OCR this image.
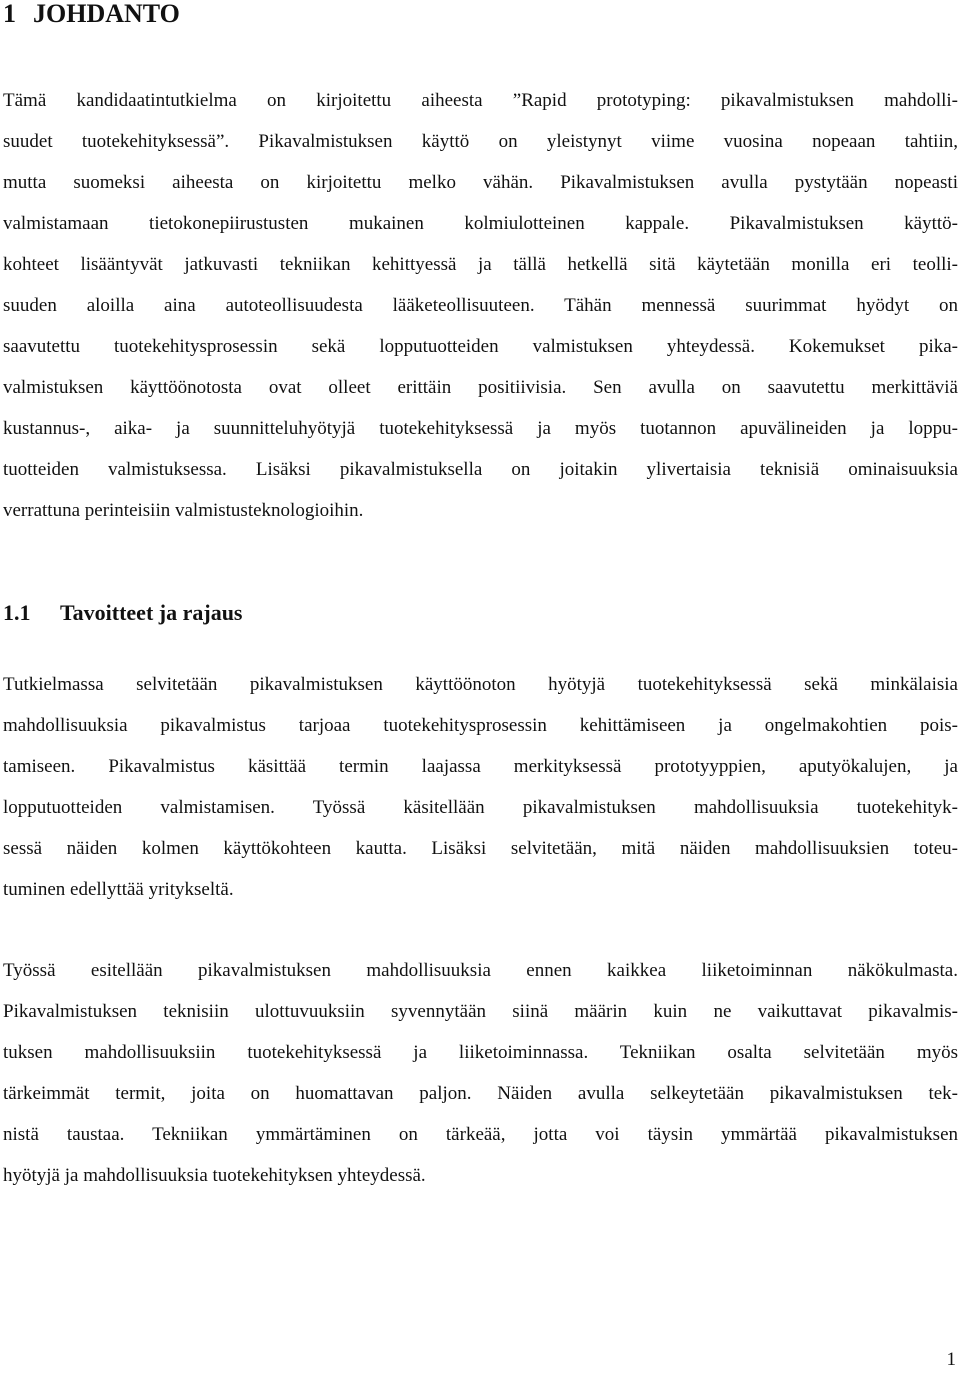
1 JOHDANTO
Tämä kandidaatintutkielma on kirjoitettu aiheesta ”Rapid prototyping: pikavalmistuksen mahdolli-
suudet tuotekehityksessä”. Pikavalmistuksen käyttö on yleistynyt viime vuosina nopeaan tahtiin,
mutta suomeksi aiheesta on kirjoitettu melko vähän. Pikavalmistuksen avulla pystytään nopeasti
valmistamaan tietokonepiirustusten mukainen kolmiulotteinen kappale. Pikavalmistuksen käyttö-
kohteet lisääntyvät jatkuvasti tekniikan kehittyessä ja tällä hetkellä sitä käytetään monilla eri teolli-
suuden aloilla aina autoteollisuudesta lääketeollisuuteen. Tähän mennessä suurimmat hyödyt on
saavutettu tuotekehitysprosessin sekä lopputuotteiden valmistuksen yhteydessä. Kokemukset pika-
valmistuksen käyttöönotosta ovat olleet erittäin positiivisia. Sen avulla on saavutettu merkittäviä
kustannus-, aika- ja suunnitteluhyötyjä tuotekehityksessä ja myös tuotannon apuvälineiden ja loppu-
tuotteiden valmistuksessa. Lisäksi pikavalmistuksella on joitakin ylivertaisia teknisiä ominaisuuksia
verrattuna perinteisiin valmistusteknologioihin.
1.1 Tavoitteet ja rajaus
Tutkielmassa selvitetään pikavalmistuksen käyttöönoton hyötyjä tuotekehityksessä sekä minkälaisia
mahdollisuuksia pikavalmistus tarjoaa tuotekehitysprosessin kehittämiseen ja ongelmakohtien pois-
tamiseen. Pikavalmistus käsittää termin laajassa merkityksessä prototyyppien, aputyökalujen, ja
lopputuotteiden valmistamisen. Työssä käsitellään pikavalmistuksen mahdollisuuksia tuotekehityk-
sessä näiden kolmen käyttökohteen kautta. Lisäksi selvitetään, mitä näiden mahdollisuuksien toteu-
tuminen edellyttää yritykseltä.
Työssä esitellään pikavalmistuksen mahdollisuuksia ennen kaikkea liiketoiminnan näkökulmasta.
Pikavalmistuksen teknisiin ulottuvuuksiin syvennytään siinä määrin kuin ne vaikuttavat pikavalmis-
tuksen mahdollisuuksiin tuotekehityksessä ja liiketoiminnassa. Tekniikan osalta selvitetään myös
tärkeimmät termit, joita on huomattavan paljon. Näiden avulla selkeytetään pikavalmistuksen tek-
nistä taustaa. Tekniikan ymmärtäminen on tärkeää, jotta voi täysin ymmärtää pikavalmistuksen
hyötyjä ja mahdollisuuksia tuotekehityksen yhteydessä.
1
